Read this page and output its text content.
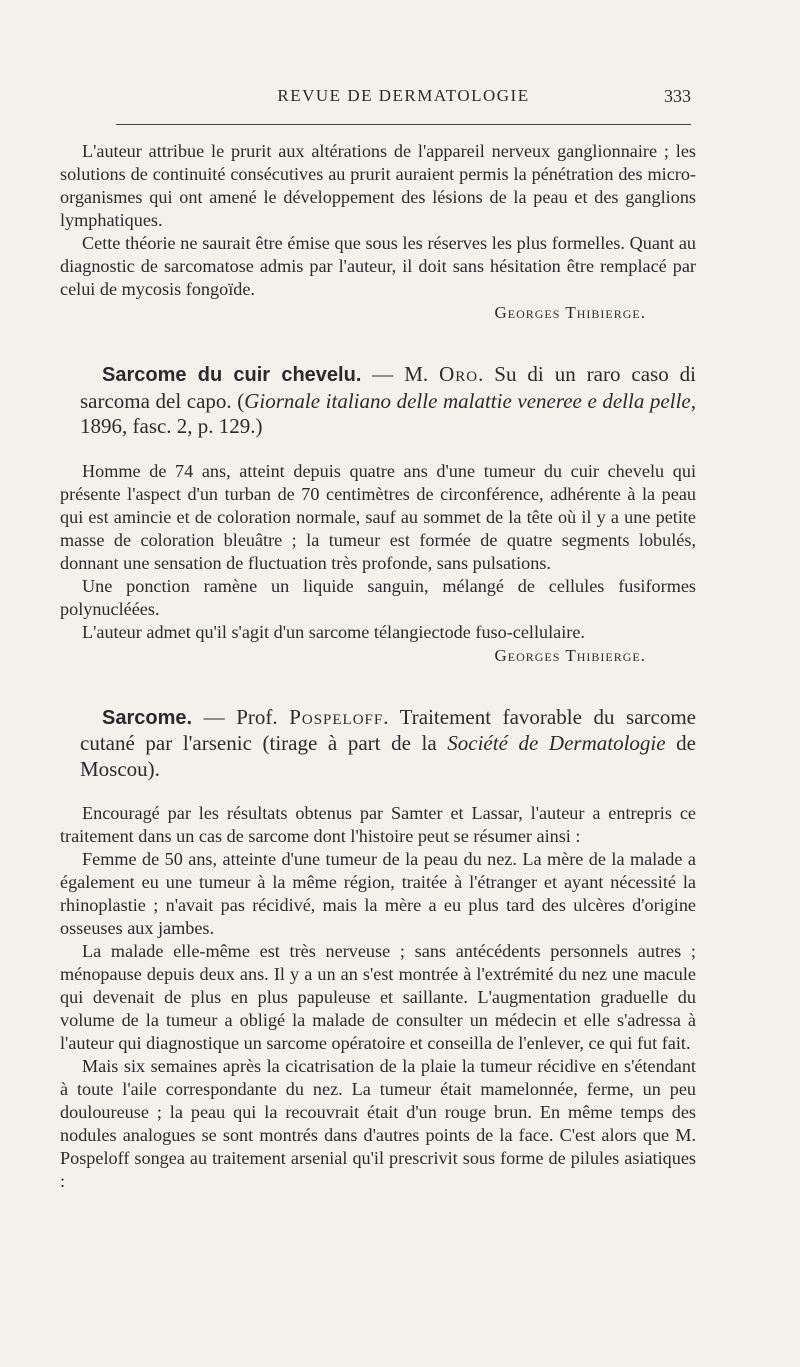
REVUE DE DERMATOLOGIE	333

L'auteur attribue le prurit aux altérations de l'appareil nerveux ganglionnaire ; les solutions de continuité consécutives au prurit auraient permis la pénétration des micro-organismes qui ont amené le développement des lésions de la peau et des ganglions lymphatiques.

Cette théorie ne saurait être émise que sous les réserves les plus formelles. Quant au diagnostic de sarcomatose admis par l'auteur, il doit sans hésitation être remplacé par celui de mycosis fongoïde.

Georges Thibierge.

Sarcome du cuir chevelu. — M. Oro. Su di un raro caso di sarcoma del capo. (Giornale italiano delle malattie veneree e della pelle, 1896, fasc. 2, p. 129.)

Homme de 74 ans, atteint depuis quatre ans d'une tumeur du cuir chevelu qui présente l'aspect d'un turban de 70 centimètres de circonférence, adhérente à la peau qui est amincie et de coloration normale, sauf au sommet de la tête où il y a une petite masse de coloration bleuâtre ; la tumeur est formée de quatre segments lobulés, donnant une sensation de fluctuation très profonde, sans pulsations.

Une ponction ramène un liquide sanguin, mélangé de cellules fusiformes polynucléées.

L'auteur admet qu'il s'agit d'un sarcome télangiectode fuso-cellulaire.

Georges Thibierge.

Sarcome. — Prof. Pospeloff. Traitement favorable du sarcome cutané par l'arsenic (tirage à part de la Société de Dermatologie de Moscou).

Encouragé par les résultats obtenus par Samter et Lassar, l'auteur a entrepris ce traitement dans un cas de sarcome dont l'histoire peut se résumer ainsi :

Femme de 50 ans, atteinte d'une tumeur de la peau du nez. La mère de la malade a également eu une tumeur à la même région, traitée à l'étranger et ayant nécessité la rhinoplastie ; n'avait pas récidivé, mais la mère a eu plus tard des ulcères d'origine osseuses aux jambes.

La malade elle-même est très nerveuse ; sans antécédents personnels autres ; ménopause depuis deux ans. Il y a un an s'est montrée à l'extrémité du nez une macule qui devenait de plus en plus papuleuse et saillante. L'augmentation graduelle du volume de la tumeur a obligé la malade de consulter un médecin et elle s'adressa à l'auteur qui diagnostique un sarcome opératoire et conseilla de l'enlever, ce qui fut fait.

Mais six semaines après la cicatrisation de la plaie la tumeur récidive en s'étendant à toute l'aile correspondante du nez. La tumeur était mamelonnée, ferme, un peu douloureuse ; la peau qui la recouvrait était d'un rouge brun. En même temps des nodules analogues se sont montrés dans d'autres points de la face. C'est alors que M. Pospeloff songea au traitement arsenial qu'il prescrivit sous forme de pilules asiatiques :
